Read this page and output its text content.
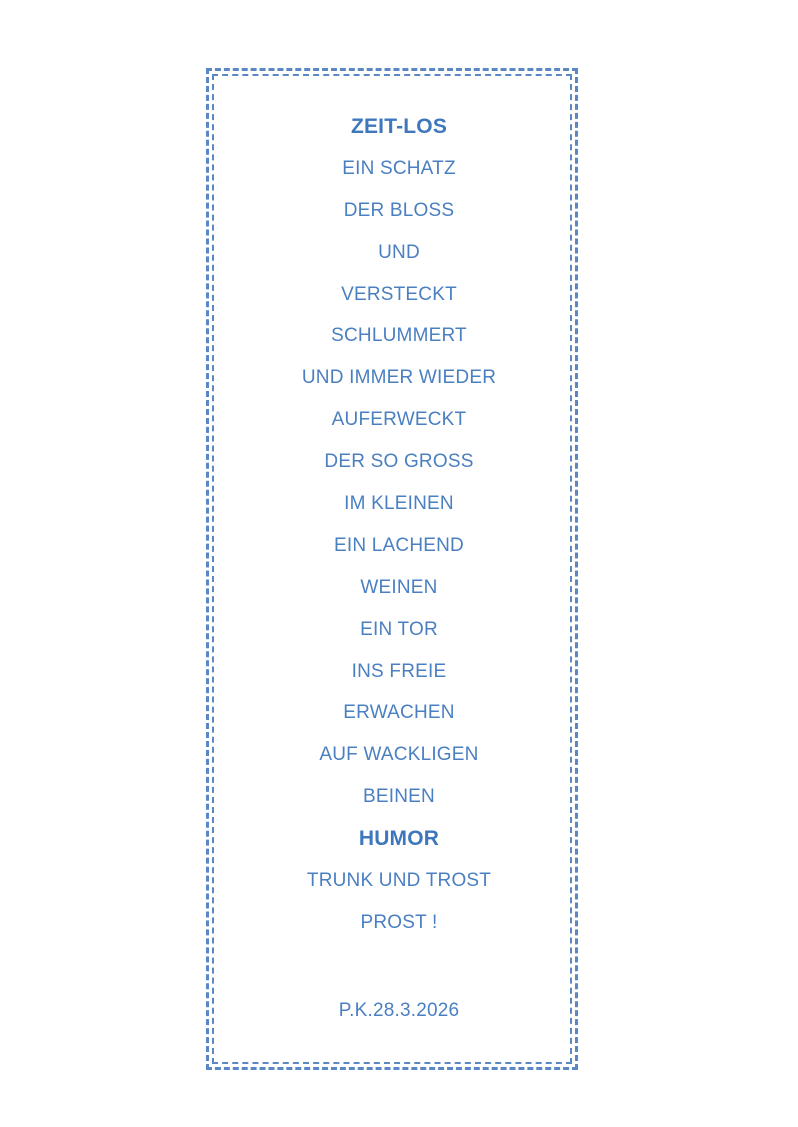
ZEIT-LOS
EIN SCHATZ
DER BLOSS
UND
VERSTECKT
SCHLUMMERT
UND IMMER WIEDER
AUFERWECKT
DER SO GROSS
IM KLEINEN
EIN LACHEND
WEINEN
EIN TOR
INS FREIE
ERWACHEN
AUF WACKLIGEN
BEINEN
HUMOR
TRUNK UND TROST
PROST !
P.K.28.3.2026
